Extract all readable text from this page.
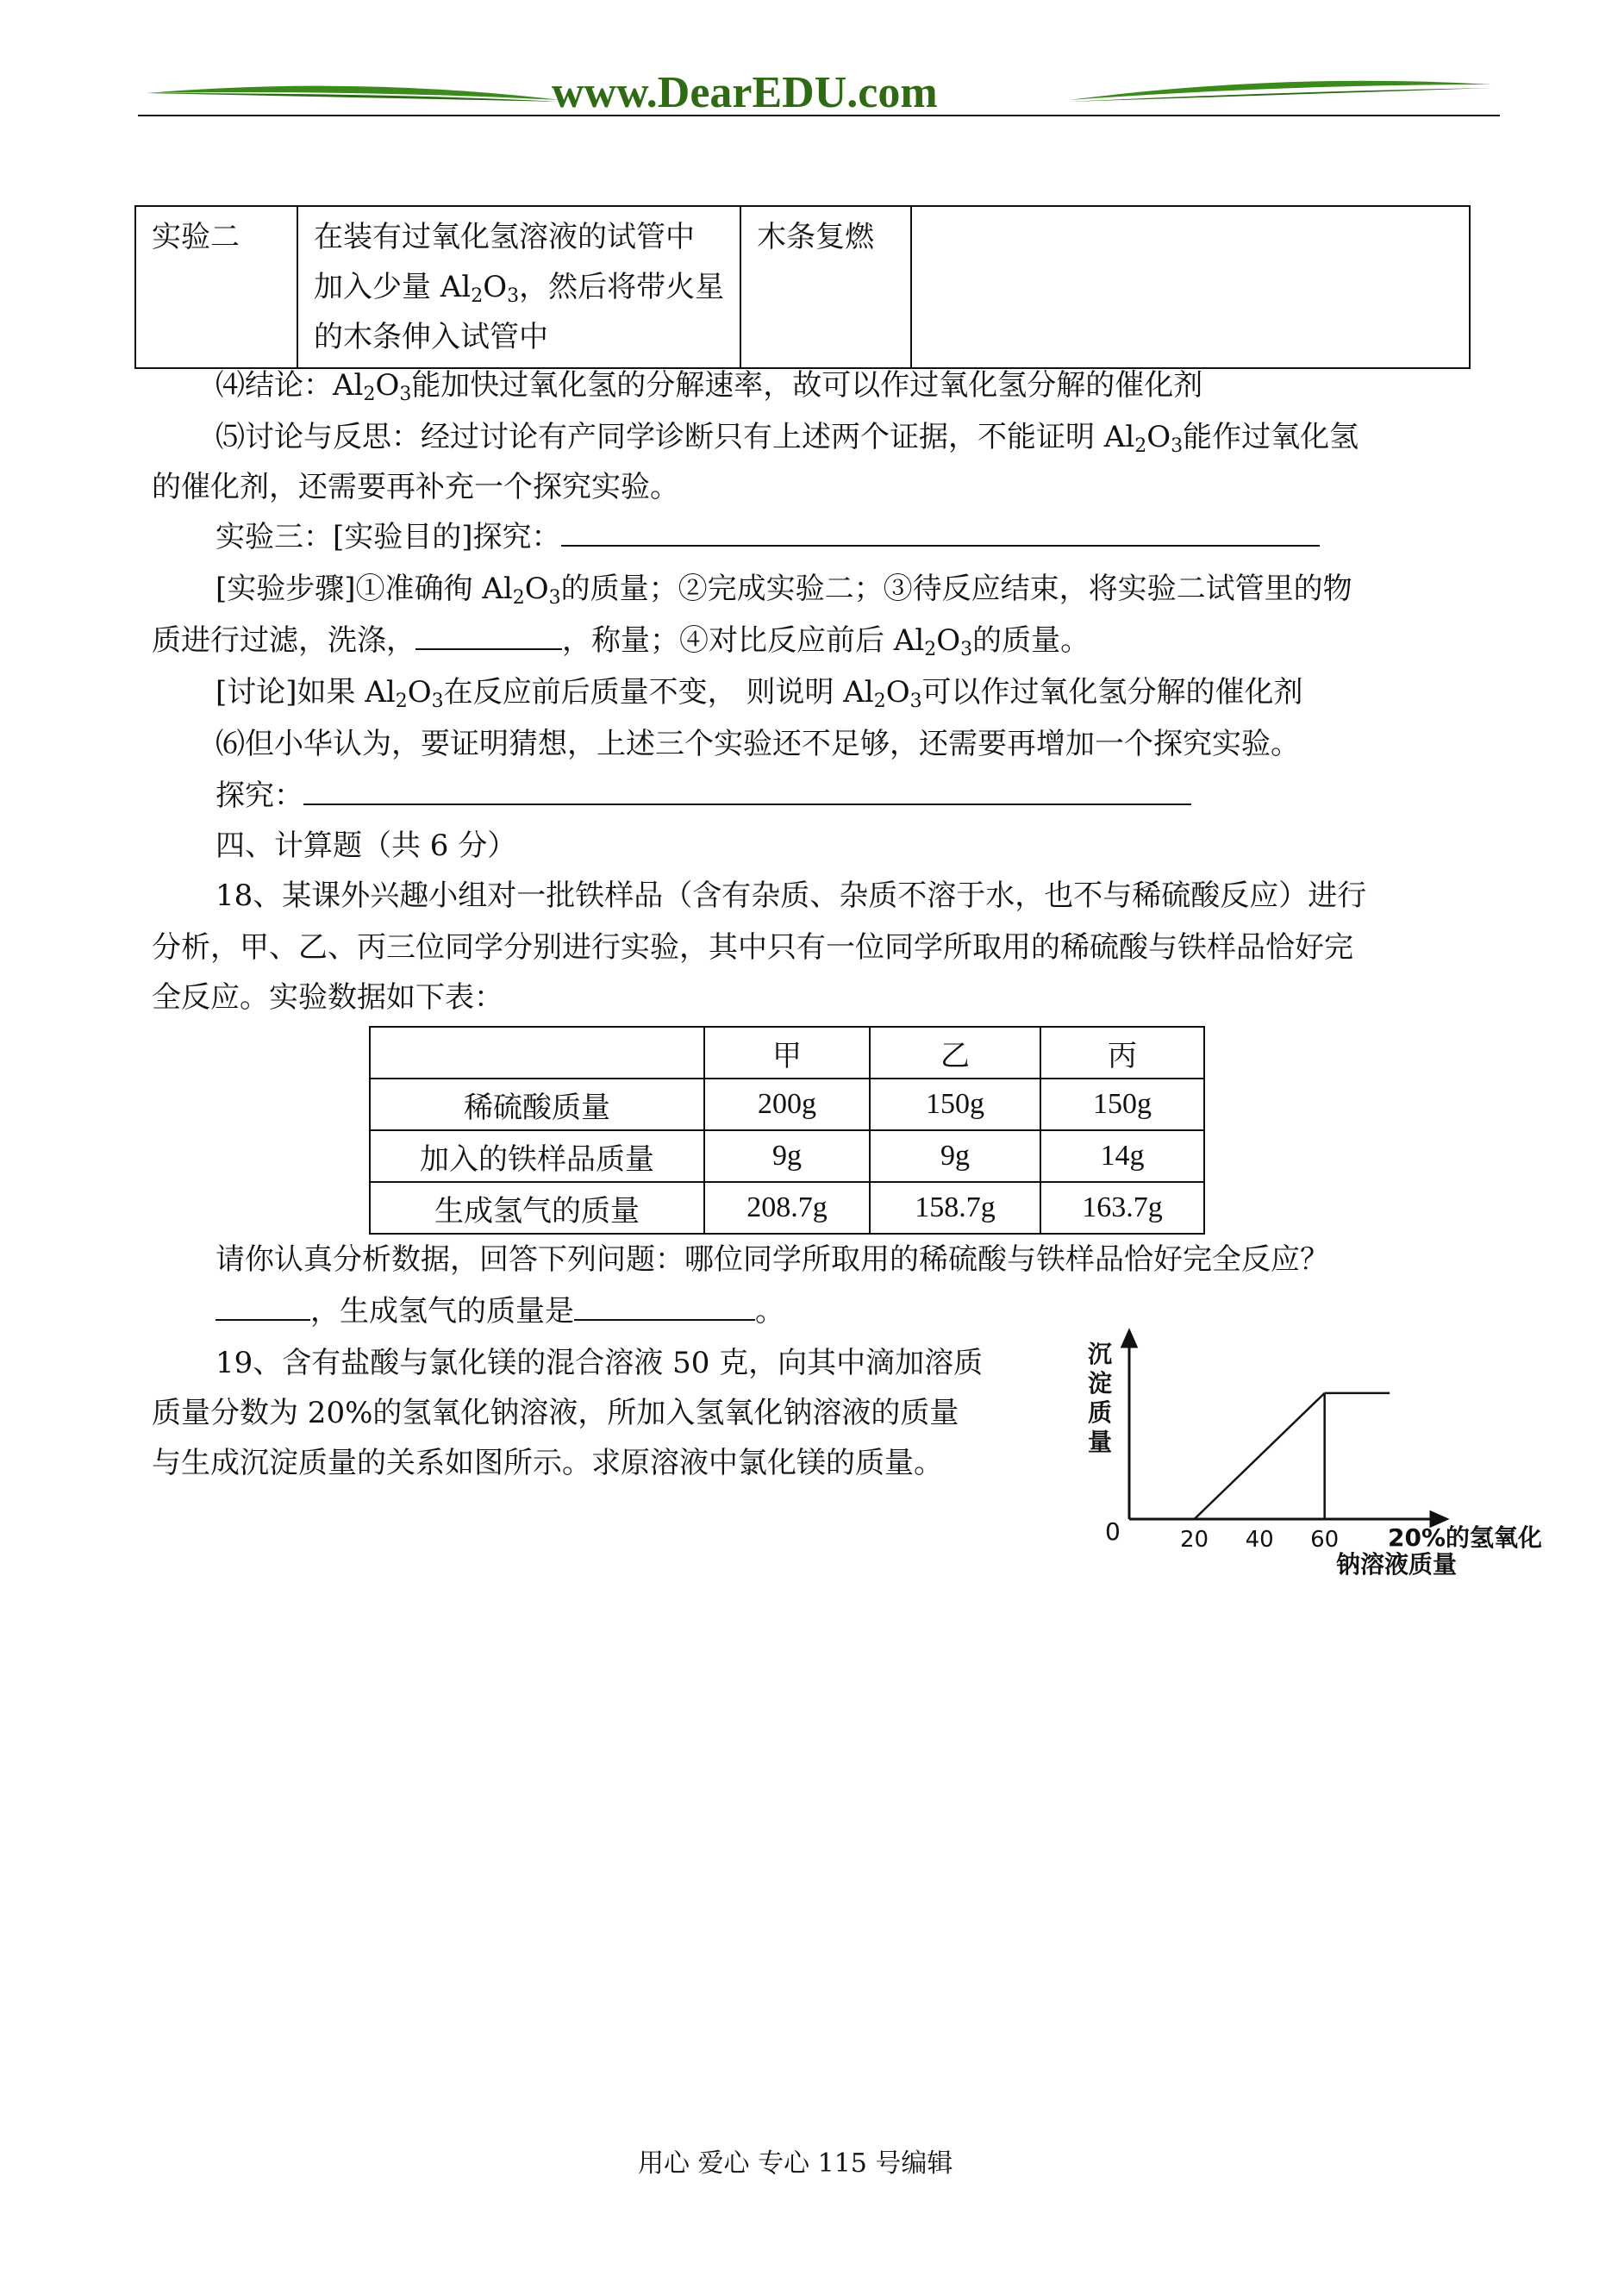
www.DearEDU.com
实验二	在装有过氧化氢溶液的试管中
加入少量 $Al_2O_3$，然后将带火星
的木条伸入试管中
	木条复燃	
⑷结论：$Al_2O_3$能加快过氧化氢的分解速率，故可以作过氧化氢分解的催化剂
⑸讨论与反思：经过讨论有产同学诊断只有上述两个证据，不能证明 $Al_2O_3$能作过氧化氢
的催化剂，还需要再补充一个探究实验。
实验三：[实验目的]探究：
[实验步骤]①准确徇 $Al_2O_3$的质量；②完成实验二；③待反应结束，将实验二试管里的物
质进行过滤，洗涤，	，称量；④对比反应前后 $Al_2O_3$的质量。
[讨论]如果 $Al_2O_3$在反应前后质量不变， 则说明 $Al_2O_3$可以作过氧化氢分解的催化剂
⑹但小华认为，要证明猜想，上述三个实验还不足够，还需要再增加一个探究实验。
探究：
四、计算题（共 6 分）
18、某课外兴趣小组对一批铁样品（含有杂质、杂质不溶于水，也不与稀硫酸反应）进行
分析，甲、乙、丙三位同学分别进行实验，其中只有一位同学所取用的稀硫酸与铁样品恰好完
全反应。实验数据如下表：
	甲	乙	丙
稀硫酸质量	200g	150g	150g
加入的铁样品质量	9g	9g	14g
生成氢气的质量	208.7g	158.7g	163.7g
请你认真分析数据，回答下列问题：哪位同学所取用的稀硫酸与铁样品恰好完全反应？
，生成氢气的质量是	。
19、含有盐酸与氯化镁的混合溶液 50 克，向其中滴加溶质
质量分数为 20%的氢氧化钠溶液，所加入氢氧化钠溶液的质量
与生成沉淀质量的关系如图所示。求原溶液中氯化镁的质量。
沉 淀 质 量
20%的氢氧化
钠溶液质量
0	20 40 60
用心 爱心 专心 115 号编辑
